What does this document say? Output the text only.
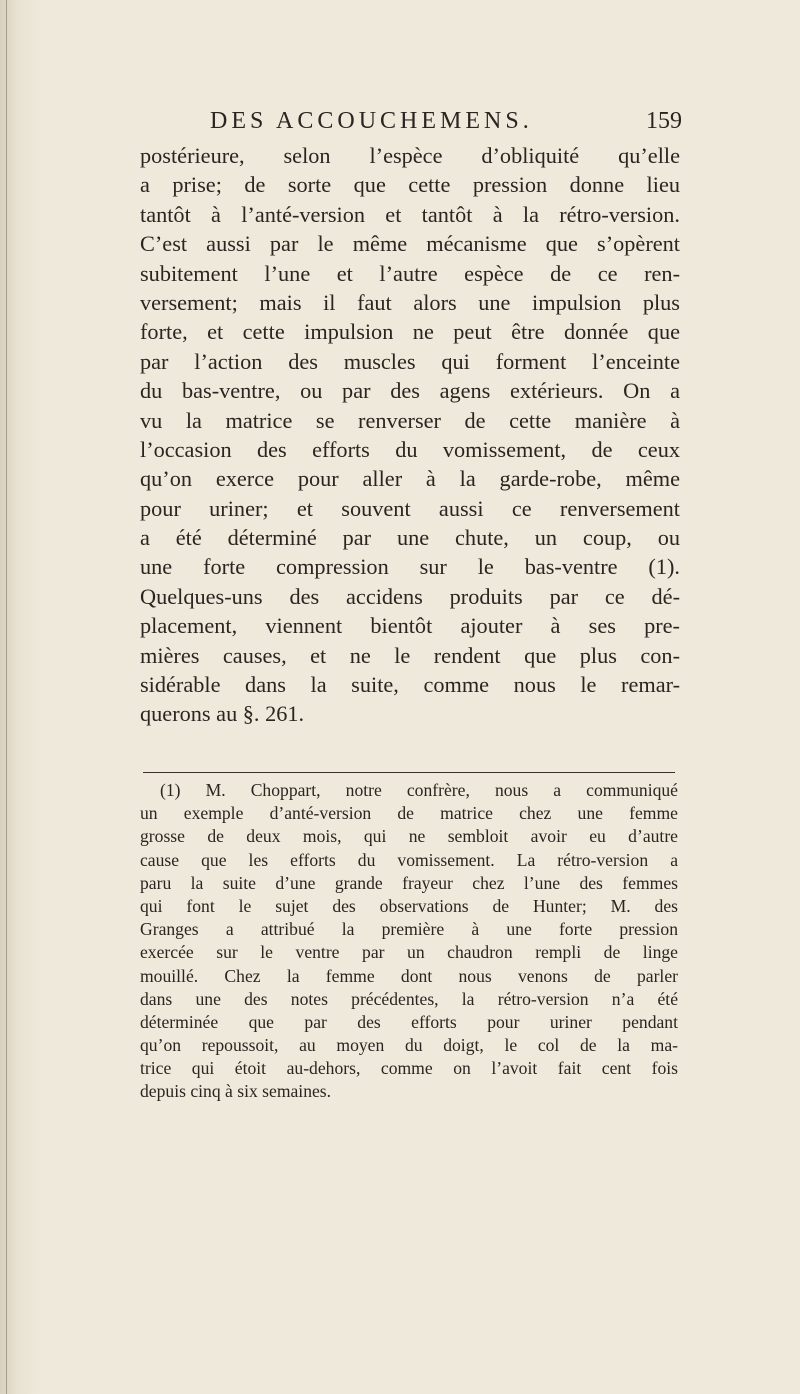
DES ACCOUCHEMENS.	159
postérieure, selon l’espèce d’obliquité qu’elle
a prise; de sorte que cette pression donne lieu
tantôt à l’anté-version et tantôt à la rétro-version.
C’est aussi par le même mécanisme que s’opèrent
subitement l’une et l’autre espèce de ce ren-
versement; mais il faut alors une impulsion plus
forte, et cette impulsion ne peut être donnée que
par l’action des muscles qui forment l’enceinte
du bas-ventre, ou par des agens extérieurs. On a
vu la matrice se renverser de cette manière à
l’occasion des efforts du vomissement, de ceux
qu’on exerce pour aller à la garde-robe, même
pour uriner; et souvent aussi ce renversement
a été déterminé par une chute, un coup, ou
une forte compression sur le bas-ventre (1).
Quelques-uns des accidens produits par ce dé-
placement, viennent bientôt ajouter à ses pre-
mières causes, et ne le rendent que plus con-
sidérable dans la suite, comme nous le remar-
querons au §. 261.
(1) M. Chоppart, notre confrère, nous a communiqué
un exemple d’anté-version de matrice chez une femme
grosse de deux mois, qui ne sembloit avoir eu d’autre
cause que les efforts du vomissement. La rétro-version a
paru la suite d’une grande frayeur chez l’une des femmes
qui font le sujet des observations de Hunter; M. des
Granges a attribué la première à une forte pression
exercée sur le ventre par un chaudron rempli de linge
mouillé. Chez la femme dont nous venons de parler
dans une des notes précédentes, la rétro-version n’a été
déterminée que par des efforts pour uriner pendant
qu’on repoussoit, au moyen du doigt, le col de la ma-
trice qui étoit au-dehors, comme on l’avoit fait cent fois
depuis cinq à six semaines.
